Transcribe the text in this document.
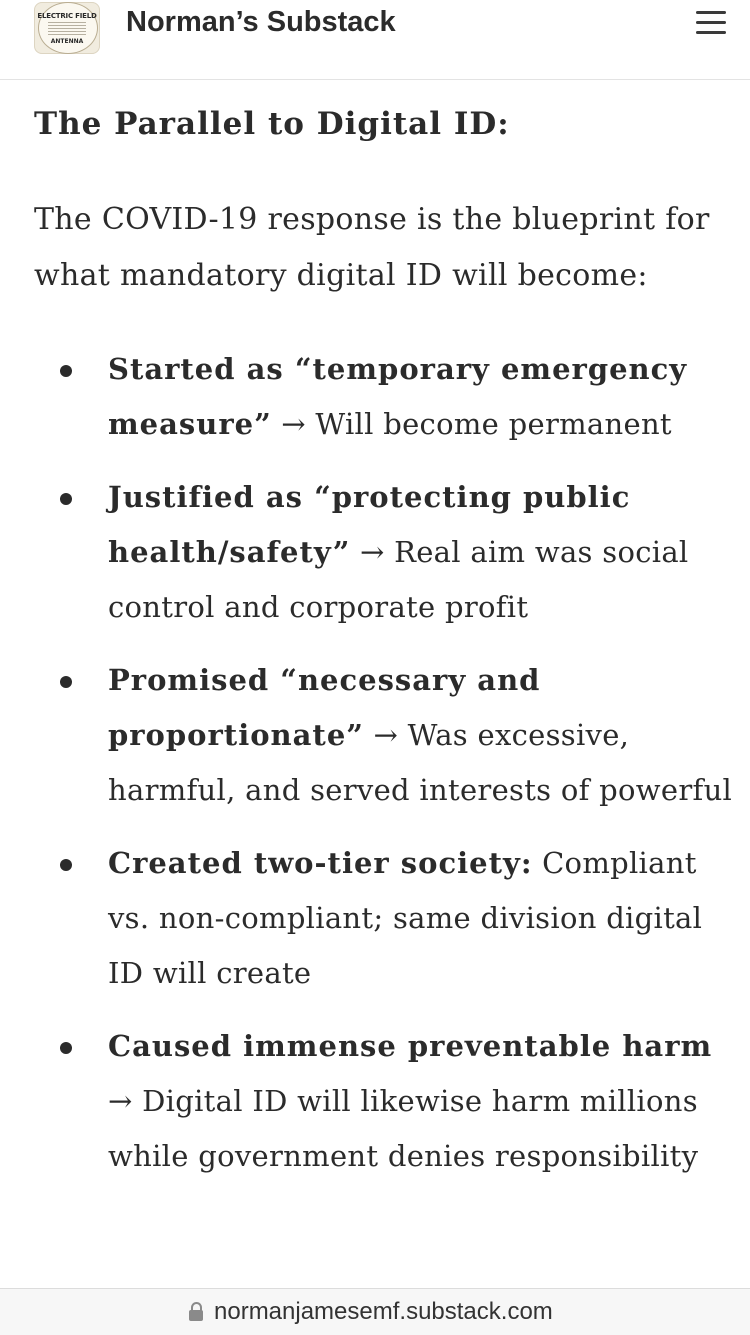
ELECTRIC FIELD
ANTENNA
Norman’s Substack
The Parallel to Digital ID:

The COVID-19 response is the blueprint for what mandatory digital ID will become:

Started as “temporary emergency measure” → Will become permanent
Justified as “protecting public health/safety” → Real aim was social control and corporate profit
Promised “necessary and proportionate” → Was excessive, harmful, and served interests of powerful
Created two-tier society: Compliant vs. non-compliant; same division digital ID will create
Caused immense preventable harm → Digital ID will likewise harm millions while government denies responsibility
normanjamesemf.substack.com
